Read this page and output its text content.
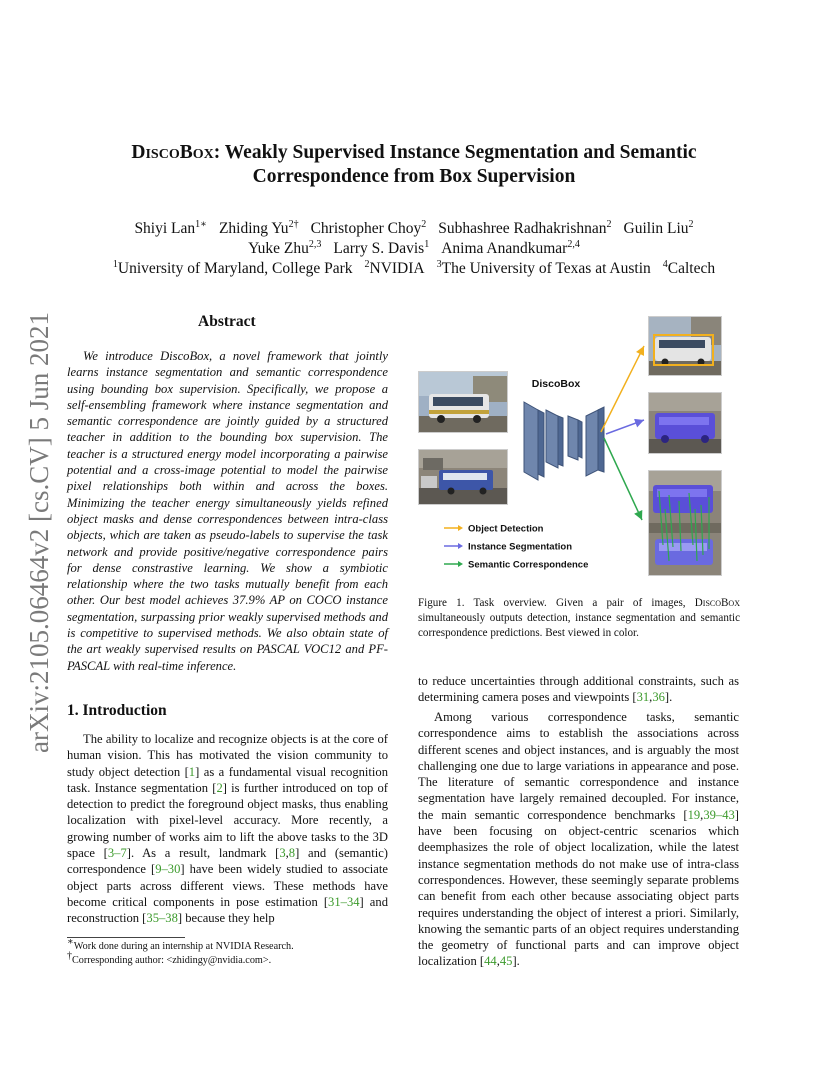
arXiv:2105.06464v2 [cs.CV] 5 Jun 2021
DiscoBox: Weakly Supervised Instance Segmentation and Semantic
Correspondence from Box Supervision
Shiyi Lan$^{1∗}$ Zhiding $Yu^{2\dagger}$ Christopher Choy$^2$ Subhashree Radhakrishnan$^2$ Guilin Liu$^2$
Yuke Zhu$^{2,3}$ Larry S. Davis$^1$ Anima Anandkumar$^{2,4}$
$^1$University of Maryland, College Park $^2$NVIDIA $^3$The University of Texas at Austin $^4$Caltech
Abstract

We introduce DiscoBox, a novel framework that jointly learns instance segmentation and semantic correspondence using bounding box supervision. Specifically, we propose a self-ensembling framework where instance segmentation and semantic correspondence are jointly guided by a structured teacher in addition to the bounding box supervision. The teacher is a structured energy model incorporating a pairwise potential and a cross-image potential to model the pairwise pixel relationships both within and across the boxes. Minimizing the teacher energy simultaneously yields refined object masks and dense correspondences between intra-class objects, which are taken as pseudo-labels to supervise the task network and provide positive/negative correspondence pairs for dense constrastive learning. We show a symbiotic relationship where the two tasks mutually benefit from each other. Our best model achieves 37.9% AP on COCO instance segmentation, surpassing prior weakly supervised methods and is competitive to supervised methods. We also obtain state of the art weakly supervised results on PASCAL VOC12 and PF-PASCAL with real-time inference.

1. Introduction

The ability to localize and recognize objects is at the core of human vision. This has motivated the vision community to study object detection [1] as a fundamental visual recognition task. Instance segmentation [2] is further introduced on top of detection to predict the foreground object masks, thus enabling localization with pixel-level accuracy. More recently, a growing number of works aim to lift the above tasks to the 3D space [3–7]. As a result, landmark [3,8] and (semantic) correspondence [9–30] have been widely studied to associate object parts across different views. These methods have become critical components in pose estimation [31–34] and reconstruction [35–38] because they help

∗Work done during an internship at NVIDIA Research.
†Corresponding author: <zhidingy@nvidia.com>.

to reduce uncertainties through additional constraints, such as determining camera poses and viewpoints [31,36].

Among various correspondence tasks, semantic correspondence aims to establish the associations across different scenes and object instances, and is arguably the most challenging one due to large variations in appearance and pose. The literature of semantic correspondence and instance segmentation have largely remained decoupled. For instance, the main semantic correspondence benchmarks [19,39–43] have been focusing on object-centric scenarios which deemphasizes the role of object localization, while the latest instance segmentation methods do not make use of intra-class correspondences. However, these seemingly separate problems can benefit from each other because associating object parts requires understanding the object of interest a priori. Similarly, knowing the semantic parts of an object requires understanding the geometry of functional parts and can improve object localization [44,45].

DiscoBox
Object Detection
Instance Segmentation
Semantic Correspondence
Figure 1. Task overview. Given a pair of images, DiscoBox simultaneously outputs detection, instance segmentation and semantic correspondence predictions. Best viewed in color.
